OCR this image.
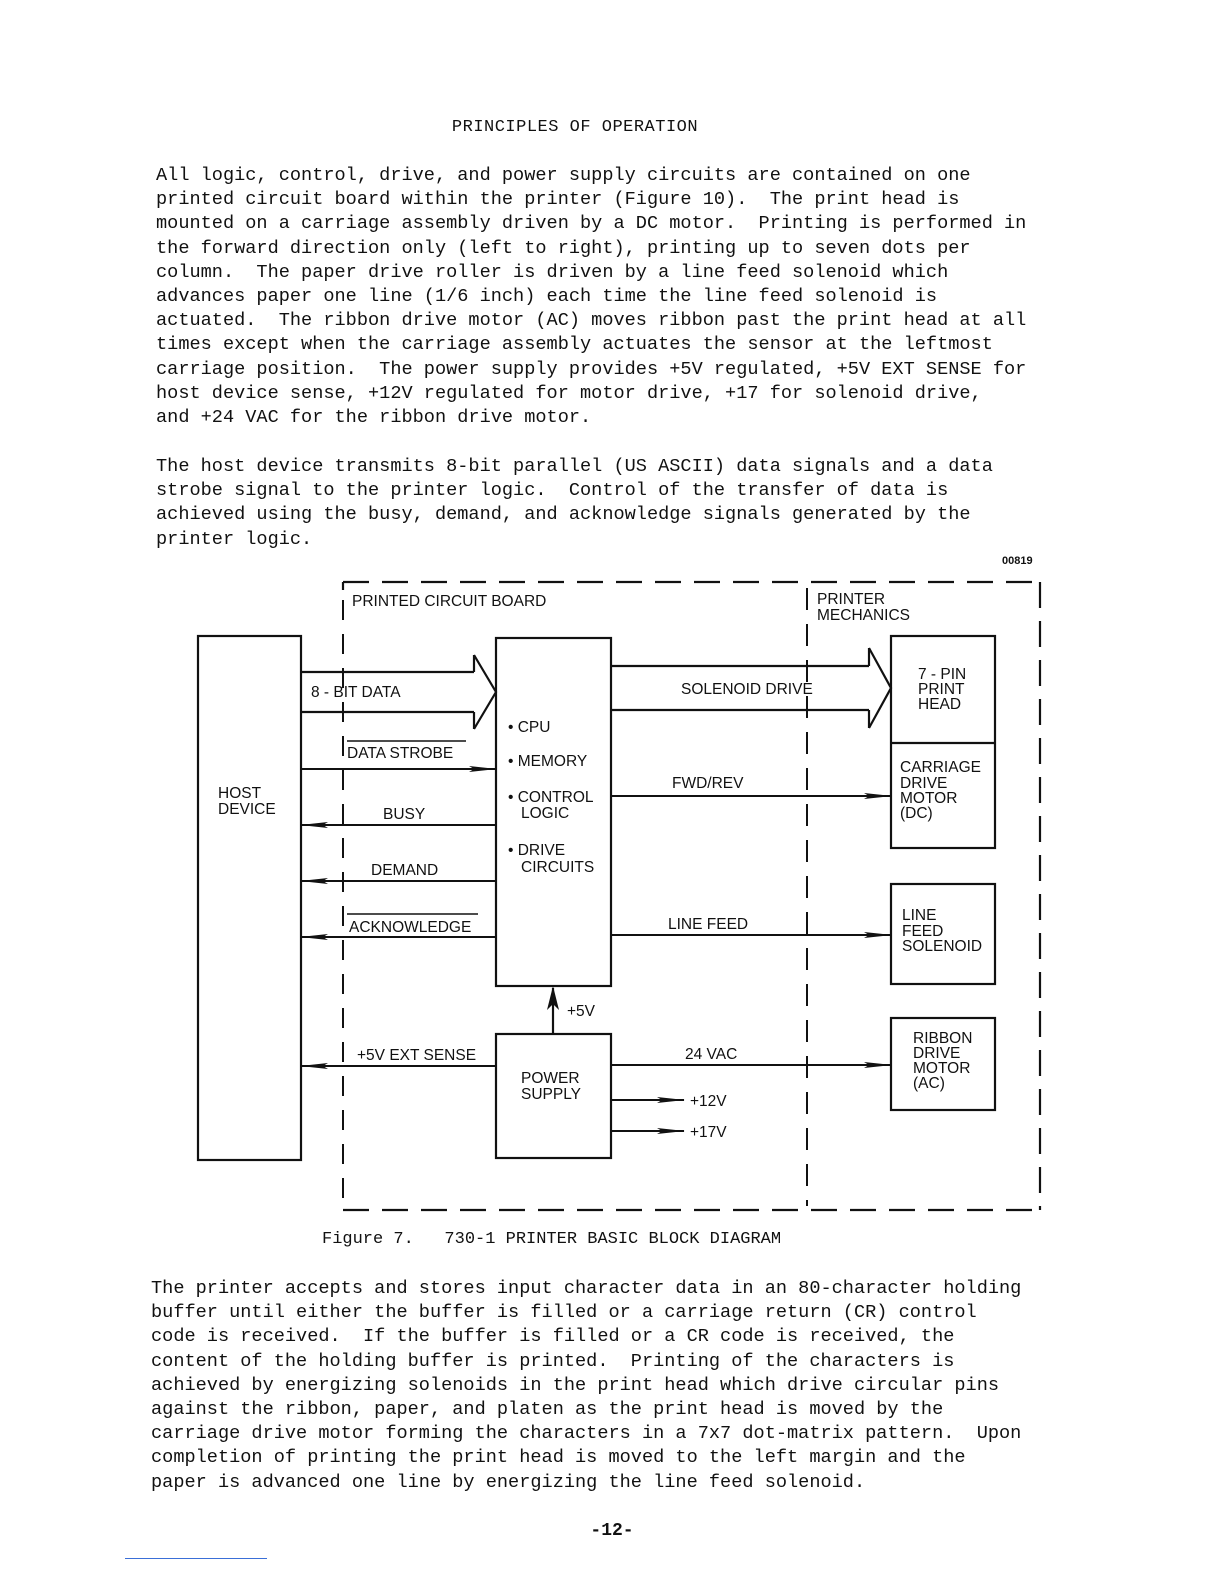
PRINCIPLES OF OPERATION
All logic, control, drive, and power supply circuits are contained on one
printed circuit board within the printer (Figure 10).  The print head is
mounted on a carriage assembly driven by a DC motor.  Printing is performed in
the forward direction only (left to right), printing up to seven dots per
column.  The paper drive roller is driven by a line feed solenoid which
advances paper one line (1/6 inch) each time the line feed solenoid is
actuated.  The ribbon drive motor (AC) moves ribbon past the print head at all
times except when the carriage assembly actuates the sensor at the leftmost
carriage position.  The power supply provides +5V regulated, +5V EXT SENSE for
host device sense, +12V regulated for motor drive, +17 for solenoid drive,
and +24 VAC for the ribbon drive motor.
The host device transmits 8-bit parallel (US ASCII) data signals and a data
strobe signal to the printer logic.  Control of the transfer of data is
achieved using the busy, demand, and acknowledge signals generated by the
printer logic.
The printer accepts and stores input character data in an 80-character holding
buffer until either the buffer is filled or a carriage return (CR) control
code is received.  If the buffer is filled or a CR code is received, the
content of the holding buffer is printed.  Printing of the characters is
achieved by energizing solenoids in the print head which drive circular pins
against the ribbon, paper, and platen as the print head is moved by the
carriage drive motor forming the characters in a 7x7 dot-matrix pattern.  Upon
completion of printing the print head is moved to the left margin and the
paper is advanced one line by energizing the line feed solenoid.
00819
PRINTED CIRCUIT BOARD	PRINTER
MECHANICS
HOST
DEVICE
• CPU
• MEMORY
• CONTROL
LOGIC
• DRIVE
CIRCUITS
POWER
SUPPLY
+5V
8 - BIT DATA
DATA STROBE
BUSY
DEMAND
ACKNOWLEDGE
+5V EXT SENSE
SOLENOID DRIVE
FWD/REV
LINE FEED
24 VAC
+12V
+17V
7 - PIN
PRINT
HEAD
CARRIAGE
DRIVE
MOTOR
(DC)
LINE
FEED
SOLENOID
RIBBON
DRIVE
MOTOR
(AC)
Figure 7.   730-1 PRINTER BASIC BLOCK DIAGRAM
-12-
